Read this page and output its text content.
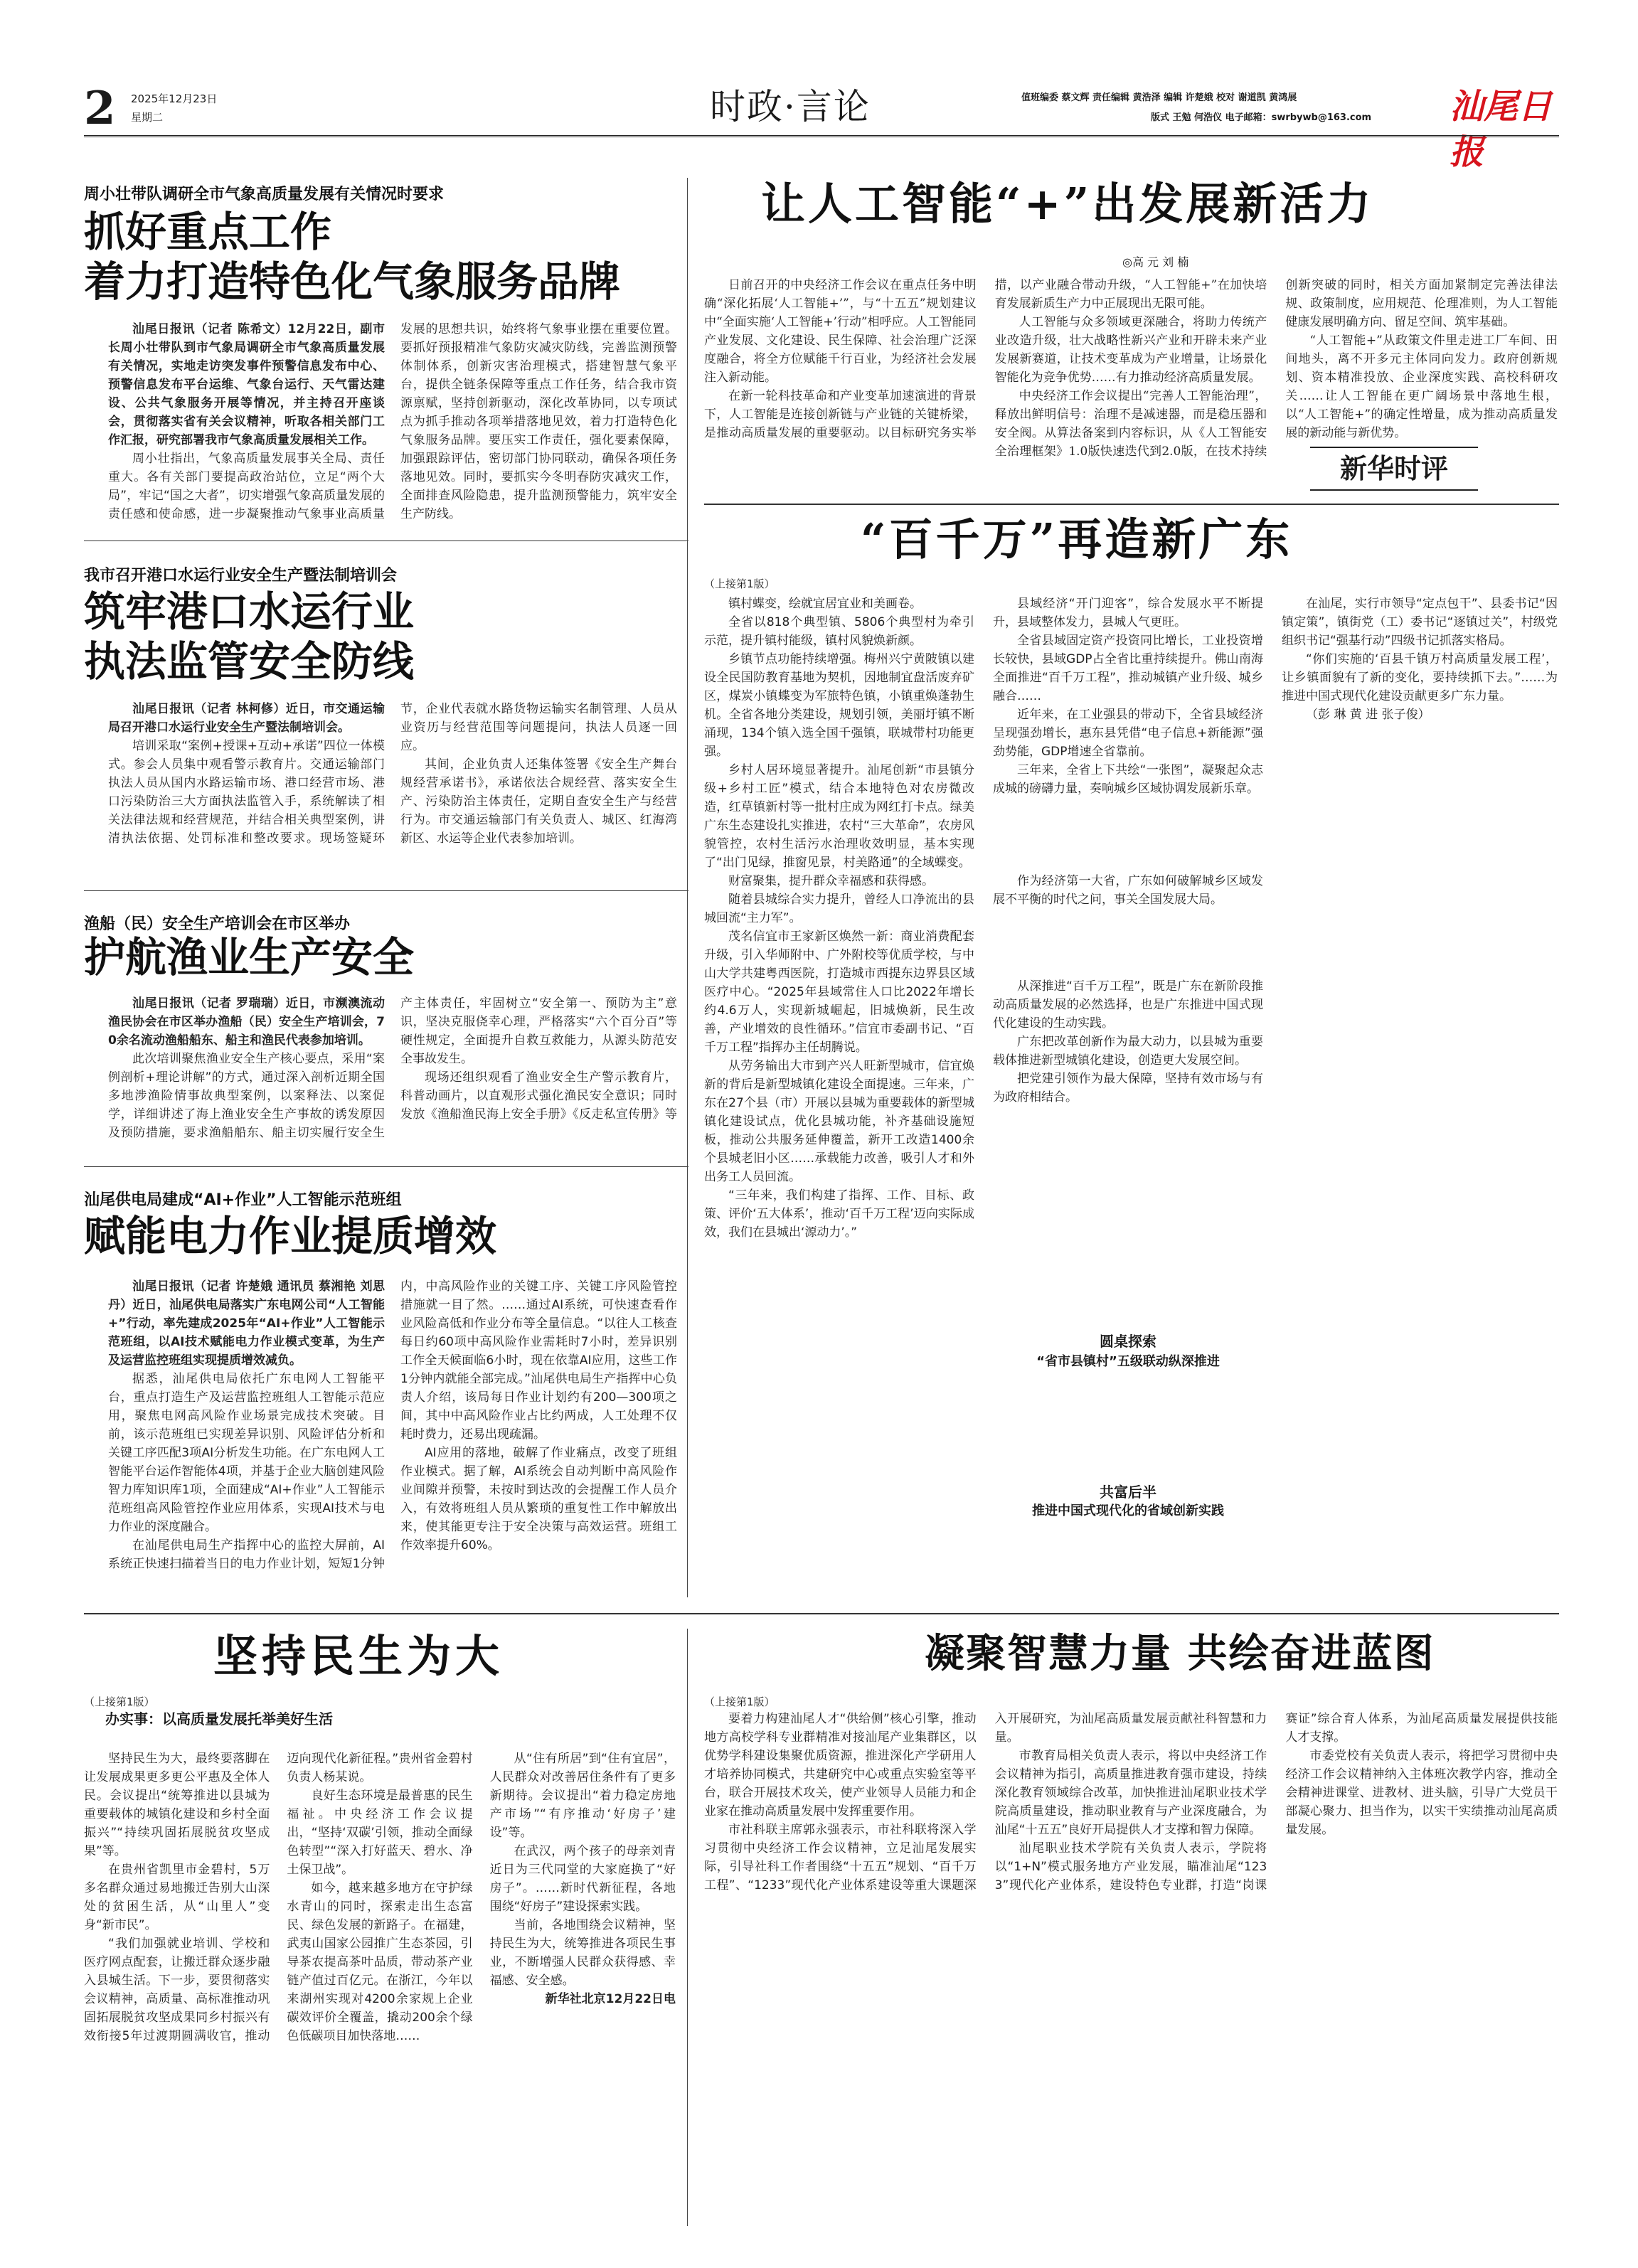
2 2025年12月23日
星期二	时政·言论	值班编委 蔡文辉 责任编辑 黄浩泽 编辑 许楚娥 校对 谢道凯 黄鸿展
版式 王勉 何浩仪 电子邮箱：swrbywb@163.com 汕尾日报
周小壮带队调研全市气象高质量发展有关情况时要求
抓好重点工作
着力打造特色化气象服务品牌

汕尾日报讯（记者 陈希文）12月22日，副市长周小壮带队到市气象局调研全市气象高质量发展有关情况，实地走访突发事件预警信息发布中心、预警信息发布平台运维、气象台运行、天气雷达建设、公共气象服务开展等情况，并主持召开座谈会，贯彻落实省有关会议精神，听取各相关部门工作汇报，研究部署我市气象高质量发展相关工作。

周小壮指出，气象高质量发展事关全局、责任重大。各有关部门要提高政治站位，立足“两个大局”，牢记“国之大者”，切实增强气象高质量发展的责任感和使命感，进一步凝聚推动气象事业高质量发展的思想共识，始终将气象事业摆在重要位置。要抓好预报精准气象防灾减灾防线，完善监测预警体制体系，创新灾害治理模式，搭建智慧气象平台，提供全链条保障等重点工作任务，结合我市资源禀赋，坚持创新驱动，深化改革协同，以专项试点为抓手推动各项举措落地见效，着力打造特色化气象服务品牌。要压实工作责任，强化要素保障，加强跟踪评估，密切部门协同联动，确保各项任务落地见效。同时，要抓实今冬明春防灾减灾工作，全面排查风险隐患，提升监测预警能力，筑牢安全生产防线。

我市召开港口水运行业安全生产暨法制培训会
筑牢港口水运行业
执法监管安全防线

汕尾日报讯（记者 林柯修）近日，市交通运输局召开港口水运行业安全生产暨法制培训会。

培训采取“案例+授课+互动+承诺”四位一体模式。参会人员集中观看警示教育片。交通运输部门执法人员从国内水路运输市场、港口经营市场、港口污染防治三大方面执法监管入手，系统解读了相关法律法规和经营规范，并结合相关典型案例，讲清执法依据、处罚标准和整改要求。现场签疑环节，企业代表就水路货物运输实名制管理、人员从业资历与经营范围等问题提问，执法人员逐一回应。

其间，企业负责人还集体签署《安全生产舞台规经营承诺书》，承诺依法合规经营、落实安全生产、污染防治主体责任，定期自查安全生产与经营行为。市交通运输部门有关负责人、城区、红海湾新区、水运等企业代表参加培训。

渔船（民）安全生产培训会在市区举办
护航渔业生产安全

汕尾日报讯（记者 罗瑞瑞）近日，市濒澳流动渔民协会在市区举办渔船（民）安全生产培训会，70余名流动渔船船东、船主和渔民代表参加培训。

此次培训聚焦渔业安全生产核心要点，采用“案例剖析+理论讲解”的方式，通过深入剖析近期全国多地涉渔险情事故典型案例，以案释法、以案促学，详细讲述了海上渔业安全生产事故的诱发原因及预防措施，要求渔船船东、船主切实履行安全生产主体责任，牢固树立“安全第一、预防为主”意识，坚决克服侥幸心理，严格落实“六个百分百”等硬性规定，全面提升自救互救能力，从源头防范安全事故发生。

现场还组织观看了渔业安全生产警示教育片，科普动画片，以直观形式强化渔民安全意识；同时发放《渔船渔民海上安全手册》《反走私宣传册》等

汕尾供电局建成“AI+作业”人工智能示范班组
赋能电力作业提质增效

汕尾日报讯（记者 许楚娥 通讯员 蔡湘艳 刘思丹）近日，汕尾供电局落实广东电网公司“人工智能+”行动，率先建成2025年“AI+作业”人工智能示范班组，以AI技术赋能电力作业模式变革，为生产及运营监控班组实现提质增效减负。

据悉，汕尾供电局依托广东电网人工智能平台，重点打造生产及运营监控班组人工智能示范应用，聚焦电网高风险作业场景完成技术突破。目前，该示范班组已实现差异识别、风险评估分析和关键工序匹配3项AI分析发生功能。在广东电网人工智能平台运作智能体4项，并基于企业大脑创建风险智力库知识库1项，全面建成“AI+作业”人工智能示范班组高风险管控作业应用体系，实现AI技术与电力作业的深度融合。

在汕尾供电局生产指挥中心的监控大屏前，AI系统正快速扫描着当日的电力作业计划，短短1分钟内，中高风险作业的关键工序、关键工序风险管控措施就一目了然。……通过AI系统，可快速查看作业风险高低和作业分布等全量信息。“以往人工核查每日约60项中高风险作业需耗时7小时，差异识别工作全天候面临6小时，现在依靠AI应用，这些工作1分钟内就能全部完成。”汕尾供电局生产指挥中心负责人介绍，该局每日作业计划约有200—300项之间，其中中高风险作业占比约两成，人工处理不仅耗时费力，还易出现疏漏。

AI应用的落地，破解了作业痛点，改变了班组作业模式。据了解，AI系统会自动判断中高风险作业间隙并预警，未按时到达改的会提醒工作人员介入，有效将班组人员从繁琐的重复性工作中解放出来，使其能更专注于安全决策与高效运营。班组工作效率提升60%。

让人工智能“+”出发展新活力
◎高 元 刘 楠

日前召开的中央经济工作会议在重点任务中明确“深化拓展‘人工智能+’”，与“十五五”规划建议中“全面实施‘人工智能+’行动”相呼应。人工智能同产业发展、文化建设、民生保障、社会治理广泛深度融合，将全方位赋能千行百业，为经济社会发展注入新动能。

在新一轮科技革命和产业变革加速演进的背景下，人工智能是连接创新链与产业链的关键桥梁，是推动高质量发展的重要驱动。以目标研究务实举措，以产业融合带动升级，“人工智能+”在加快培育发展新质生产力中正展现出无限可能。

人工智能与众多领域更深融合，将助力传统产业改造升级，壮大战略性新兴产业和开辟未来产业发展新赛道，让技术变革成为产业增量，让场景化智能化为竞争优势……有力推动经济高质量发展。

中央经济工作会议提出“完善人工智能治理”，释放出鲜明信号：治理不是减速器，而是稳压器和安全阀。从算法备案到内容标识，从《人工智能安全治理框架》1.0版快速迭代到2.0版，在技术持续创新突破的同时，相关方面加紧制定完善法律法规、政策制度，应用规范、伦理准则，为人工智能健康发展明确方向、留足空间、筑牢基础。

“人工智能+”从政策文件里走进工厂车间、田间地头，离不开多元主体同向发力。政府创新规划、资本精准投放、企业深度实践、高校科研攻关……让人工智能在更广阔场景中落地生根，以“人工智能+”的确定性增量，成为推动高质量发展的新动能与新优势。

新华时评
“百千万”再造新广东
（上接第1版）

镇村蝶变，绘就宜居宜业和美画卷。

全省以818个典型镇、5806个典型村为牵引示范，提升镇村能级，镇村风貌焕新颜。

乡镇节点功能持续增强。梅州兴宁黄陂镇以建设全民国防教育基地为契机，因地制宜盘活废弃矿区，煤炭小镇蝶变为军旅特色镇，小镇重焕蓬勃生机。全省各地分类建设，规划引领，美丽圩镇不断涌现，134个镇入选全国千强镇，联城带村功能更强。

乡村人居环境显著提升。汕尾创新“市县镇分级+乡村工匠”模式，结合本地特色对农房微改造，红草镇新村等一批村庄成为网红打卡点。绿美广东生态建设扎实推进，农村“三大革命”，农房风貌管控，农村生活污水治理收效明显，基本实现了“出门见绿，推窗见景，村美路通”的全域蝶变。

财富聚集，提升群众幸福感和获得感。

随着县城综合实力提升，曾经人口净流出的县城回流“主力军”。

茂名信宜市王家新区焕然一新：商业消费配套升级，引入华师附中、广外附校等优质学校，与中山大学共建粤西医院，打造城市西提东边界县区域医疗中心。“2025年县域常住人口比2022年增长约4.6万人，实现新城崛起，旧城焕新，民生改善，产业增效的良性循环。”信宜市委副书记、“百千万工程”指挥办主任胡腾说。

从劳务输出大市到产兴人旺新型城市，信宜焕新的背后是新型城镇化建设全面提速。三年来，广东在27个县（市）开展以县城为重要载体的新型城镇化建设试点，优化县城功能，补齐基础设施短板，推动公共服务延伸覆盖，新开工改造1400余个县城老旧小区……承载能力改善，吸引人才和外出务工人员回流。

“三年来，我们构建了指挥、工作、目标、政策、评价‘五大体系’，推动‘百千万工程’迈向实际成效，我们在县城出‘源动力’。”

县域经济“开门迎客”，综合发展水平不断提升，县域整体发力，县城人气更旺。

全省县域固定资产投资同比增长，工业投资增长较快，县域GDP占全省比重持续提升。佛山南海全面推进“百千万工程”，推动城镇产业升级、城乡融合……

近年来，在工业强县的带动下，全省县域经济呈现强劲增长，惠东县凭借“电子信息+新能源”强劲势能，GDP增速全省靠前。

三年来，全省上下共绘“一张图”，凝聚起众志成城的磅礴力量，奏响城乡区域协调发展新乐章。

作为经济第一大省，广东如何破解城乡区域发展不平衡的时代之问，事关全国发展大局。

从深推进“百千万工程”，既是广东在新阶段推动高质量发展的必然选择，也是广东推进中国式现代化建设的生动实践。

广东把改革创新作为最大动力，以县城为重要载体推进新型城镇化建设，创造更大发展空间。

把党建引领作为最大保障，坚持有效市场与有为政府相结合。

在汕尾，实行市领导“定点包干”、县委书记“因镇定策”，镇街党（工）委书记“逐镇过关”，村级党组织书记“强基行动”四级书记抓落实格局。

“你们实施的‘百县千镇万村高质量发展工程’，让乡镇面貌有了新的变化，要持续抓下去。”……为推进中国式现代化建设贡献更多广东力量。

（彭 琳 黄 进 张子俊）

圆桌探索
“省市县镇村”五级联动纵深推进
共富后半
推进中国式现代化的省域创新实践
坚持民生为大
（上接第1版）
办实事：以高质量发展托举美好生活

坚持民生为大，最终要落脚在让发展成果更多更公平惠及全体人民。会议提出“统筹推进以县城为重要载体的城镇化建设和乡村全面振兴”“持续巩固拓展脱贫攻坚成果”等。

在贵州省凯里市金碧村，5万多名群众通过易地搬迁告别大山深处的贫困生活，从“山里人”变身“新市民”。

“我们加强就业培训、学校和医疗网点配套，让搬迁群众逐步融入县城生活。下一步，要贯彻落实会议精神，高质量、高标准推动巩固拓展脱贫攻坚成果同乡村振兴有效衔接5年过渡期圆满收官，推动迈向现代化新征程。”贵州省金碧村负责人杨某说。

良好生态环境是最普惠的民生福祉。中央经济工作会议提出，“坚持‘双碳’引领，推动全面绿色转型”“深入打好蓝天、碧水、净土保卫战”。

如今，越来越多地方在守护绿水青山的同时，探索走出生态富民、绿色发展的新路子。在福建，武夷山国家公园推广生态茶园，引导茶农提高茶叶品质，带动茶产业链产值过百亿元。在浙江，今年以来湖州实现对4200余家规上企业碳效评价全覆盖，撬动200余个绿色低碳项目加快落地……

从“住有所居”到“住有宜居”，人民群众对改善居住条件有了更多新期待。会议提出“着力稳定房地产市场”“有序推动‘好房子’建设”等。

在武汉，两个孩子的母亲刘青近日为三代同堂的大家庭换了“好房子”。……新时代新征程，各地围绕“好房子”建设探索实践。

当前，各地围绕会议精神，坚持民生为大，统筹推进各项民生事业，不断增强人民群众获得感、幸福感、安全感。

新华社北京12月22日电

凝聚智慧力量 共绘奋进蓝图
（上接第1版）

要着力构建汕尾人才“供给侧”核心引擎，推动地方高校学科专业群精准对接汕尾产业集群区，以优势学科建设集聚优质资源，推进深化产学研用人才培养协同模式，共建研究中心或重点实验室等平台，联合开展技术攻关，使产业领导人员能力和企业家在推动高质量发展中发挥重要作用。

市社科联主席郭永强表示，市社科联将深入学习贯彻中央经济工作会议精神，立足汕尾发展实际，引导社科工作者围绕“十五五”规划、“百千万工程”、“1233”现代化产业体系建设等重大课题深入开展研究，为汕尾高质量发展贡献社科智慧和力量。

市教育局相关负责人表示，将以中央经济工作会议精神为指引，高质量推进教育强市建设，持续深化教育领域综合改革，加快推进汕尾职业技术学院高质量建设，推动职业教育与产业深度融合，为汕尾“十五五”良好开局提供人才支撑和智力保障。

汕尾职业技术学院有关负责人表示，学院将以“1+N”模式服务地方产业发展，瞄准汕尾“1233”现代化产业体系，建设特色专业群，打造“岗课赛证”综合育人体系，为汕尾高质量发展提供技能人才支撑。

市委党校有关负责人表示，将把学习贯彻中央经济工作会议精神纳入主体班次教学内容，推动全会精神进课堂、进教材、进头脑，引导广大党员干部凝心聚力、担当作为，以实干实绩推动汕尾高质量发展。
